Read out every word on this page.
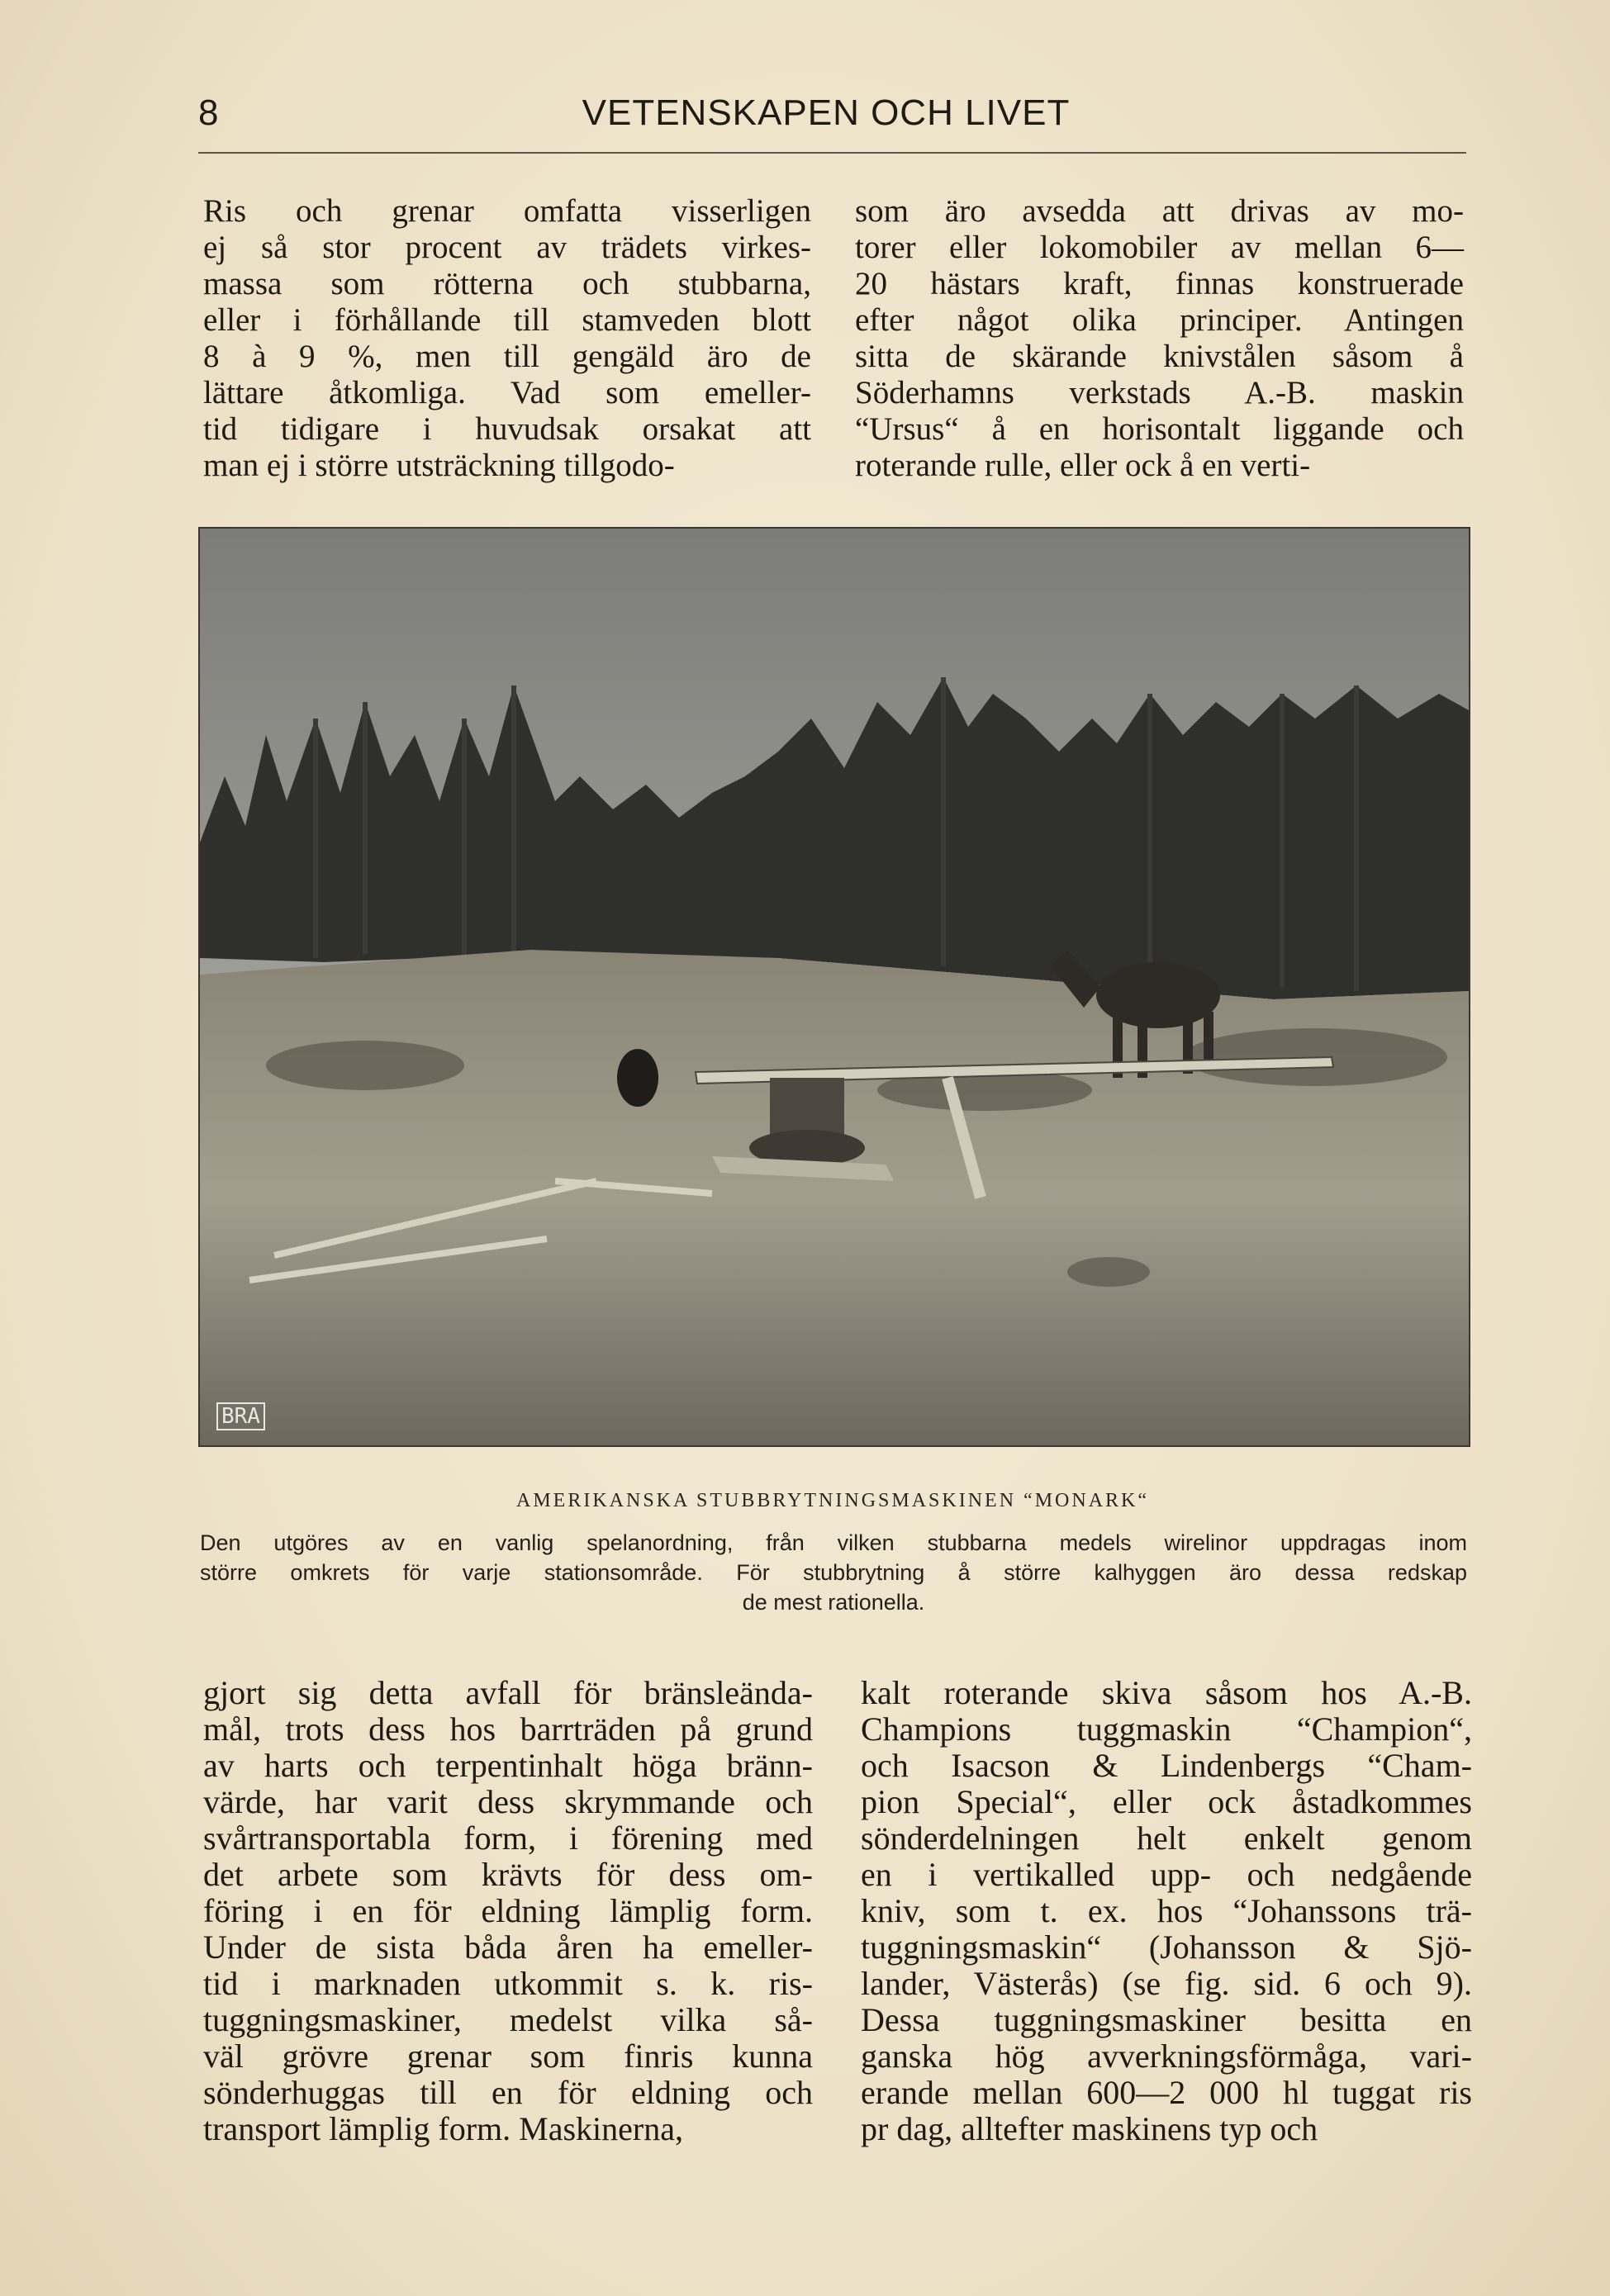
8	VETENSKAPEN OCH LIVET
Ris och grenar omfatta visserligen
ej så stor procent av trädets virkes-
massa som rötterna och stubbarna,
eller i förhållande till stamveden blott
8 à 9 %, men till gengäld äro de
lättare åtkomliga. Vad som emeller-
tid tidigare i huvudsak orsakat att
man ej i större utsträckning tillgodo-
som äro avsedda att drivas av mo-
torer eller lokomobiler av mellan 6—
20 hästars kraft, finnas konstruerade
efter något olika principer. Antingen
sitta de skärande knivstålen såsom å
Söderhamns verkstads A.-B. maskin
“Ursus“ å en horisontalt liggande och
roterande rulle, eller ock å en verti-
BRA
AMERIKANSKA STUBBRYTNINGSMASKINEN “MONARK“
Den utgöres av en vanlig spelanordning, från vilken stubbarna medels wirelinor uppdragas inom
större omkrets för varje stationsområde. För stubbrytning å större kalhyggen äro dessa redskap
de mest rationella.
gjort sig detta avfall för bränsleända-
mål, trots dess hos barrträden på grund
av harts och terpentinhalt höga bränn-
värde, har varit dess skrymmande och
svårtransportabla form, i förening med
det arbete som krävts för dess om-
föring i en för eldning lämplig form.
Under de sista båda åren ha emeller-
tid i marknaden utkommit s. k. ris-
tuggningsmaskiner, medelst vilka så-
väl grövre grenar som finris kunna
sönderhuggas till en för eldning och
transport lämplig form. Maskinerna,
kalt roterande skiva såsom hos A.-B.
Champions tuggmaskin “Champion“,
och Isacson & Lindenbergs “Cham-
pion Special“, eller ock åstadkommes
sönderdelningen helt enkelt genom
en i vertikalled upp- och nedgående
kniv, som t. ex. hos “Johanssons trä-
tuggningsmaskin“ (Johansson & Sjö-
lander, Västerås) (se fig. sid. 6 och 9).
Dessa tuggningsmaskiner besitta en
ganska hög avverkningsförmåga, vari-
erande mellan 600—2 000 hl tuggat ris
pr dag, alltefter maskinens typ och
